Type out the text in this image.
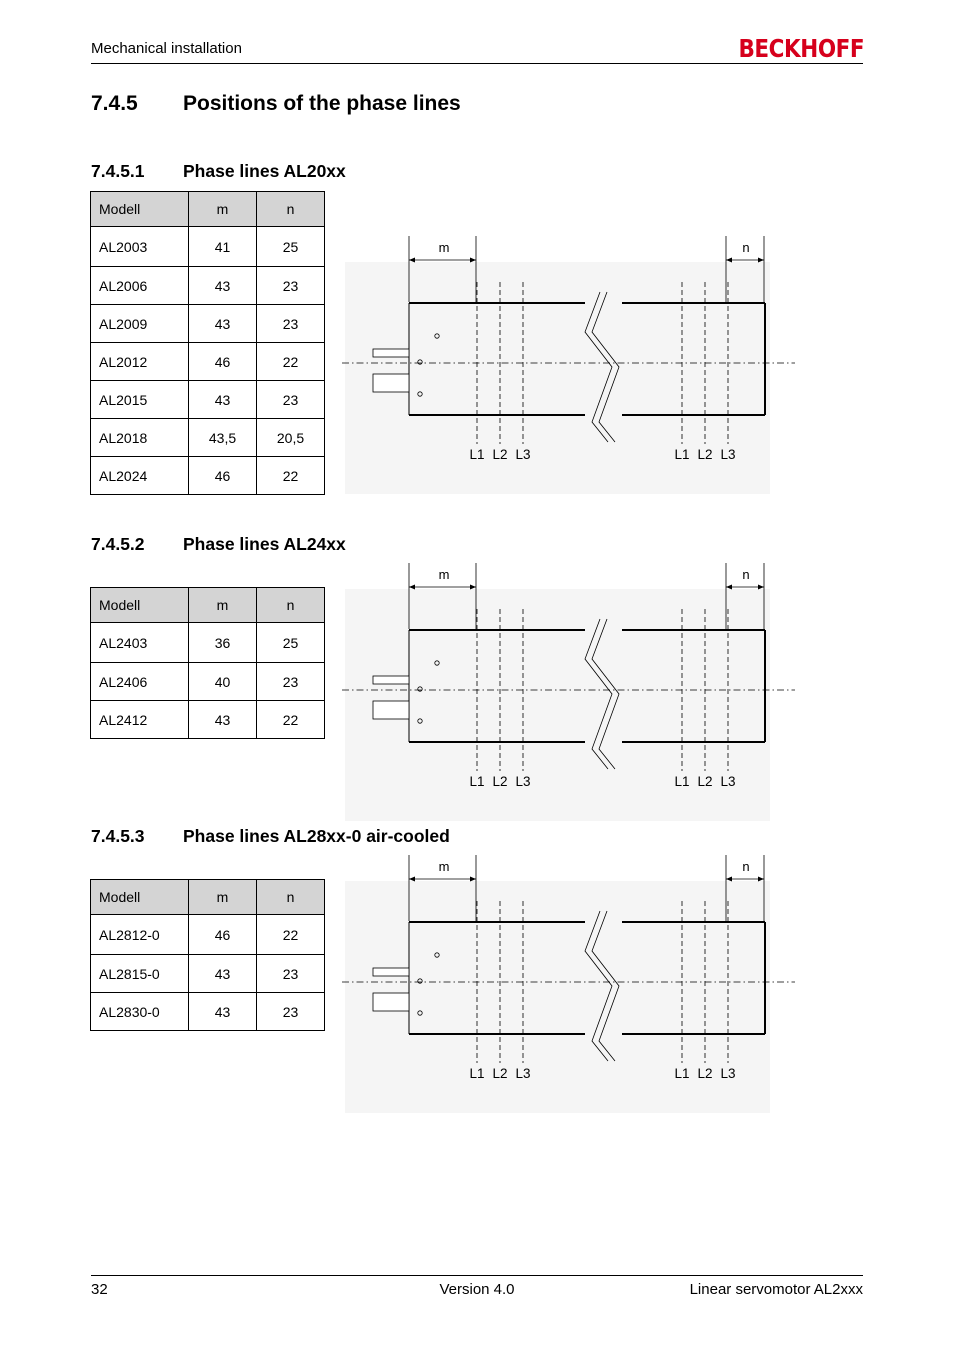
Mechanical installation	BECKHOFF
7.4.5 Positions of the phase lines
7.4.5.1 Phase lines AL20xx
Modell	m	n
AL2003	41	25
AL2006	43	23
AL2009	43	23
AL2012	46	22
AL2015	43	23
AL2018	43,5	20,5
AL2024	46	22
7.4.5.2 Phase lines AL24xx
Modell	m	n
AL2403	36	25
AL2406	40	23
AL2412	43	22
7.4.5.3 Phase lines AL28xx-0 air-cooled
Modell	m	n
AL2812-0	46	22
AL2815-0	43	23
AL2830-0	43	23
m	n
L1 L2 L3	L1 L2 L3
m	n
L1 L2 L3	L1 L2 L3
m	n
L1 L2 L3	L1 L2 L3
32	Version 4.0	Linear servomotor AL2xxx
